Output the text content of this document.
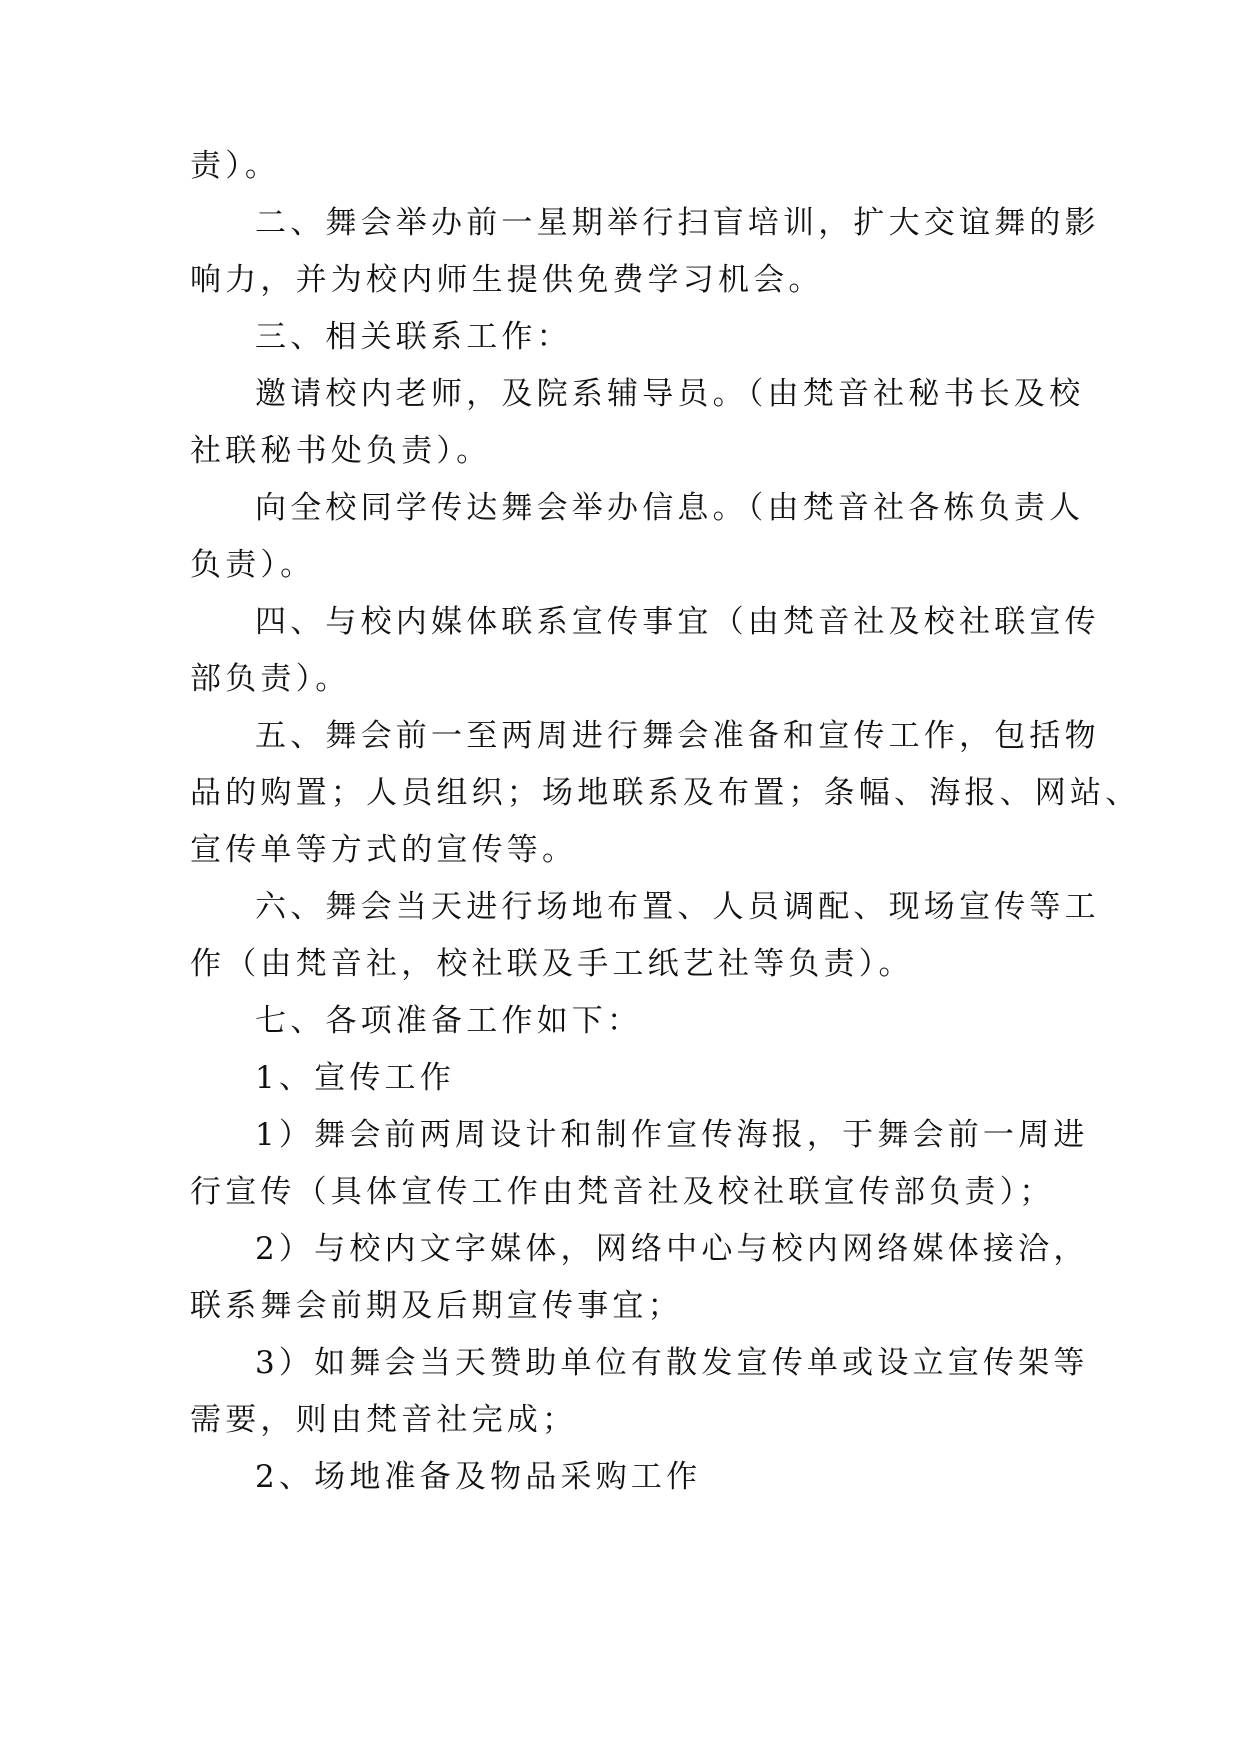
责）。
二、舞会举办前一星期举行扫盲培训，扩大交谊舞的影
响力，并为校内师生提供免费学习机会。
三、相关联系工作：
邀请校内老师，及院系辅导员。（由梵音社秘书长及校
社联秘书处负责）。
向全校同学传达舞会举办信息。（由梵音社各栋负责人
负责）。
四、与校内媒体联系宣传事宜（由梵音社及校社联宣传
部负责）。
五、舞会前一至两周进行舞会准备和宣传工作，包括物
品的购置；人员组织；场地联系及布置；条幅、海报、网站、
宣传单等方式的宣传等。
六、舞会当天进行场地布置、人员调配、现场宣传等工
作（由梵音社，校社联及手工纸艺社等负责）。
七、各项准备工作如下：
1、宣传工作
1）舞会前两周设计和制作宣传海报，于舞会前一周进
行宣传（具体宣传工作由梵音社及校社联宣传部负责）；
2）与校内文字媒体，网络中心与校内网络媒体接洽，
联系舞会前期及后期宣传事宜；
3）如舞会当天赞助单位有散发宣传单或设立宣传架等
需要，则由梵音社完成；
2、场地准备及物品采购工作
